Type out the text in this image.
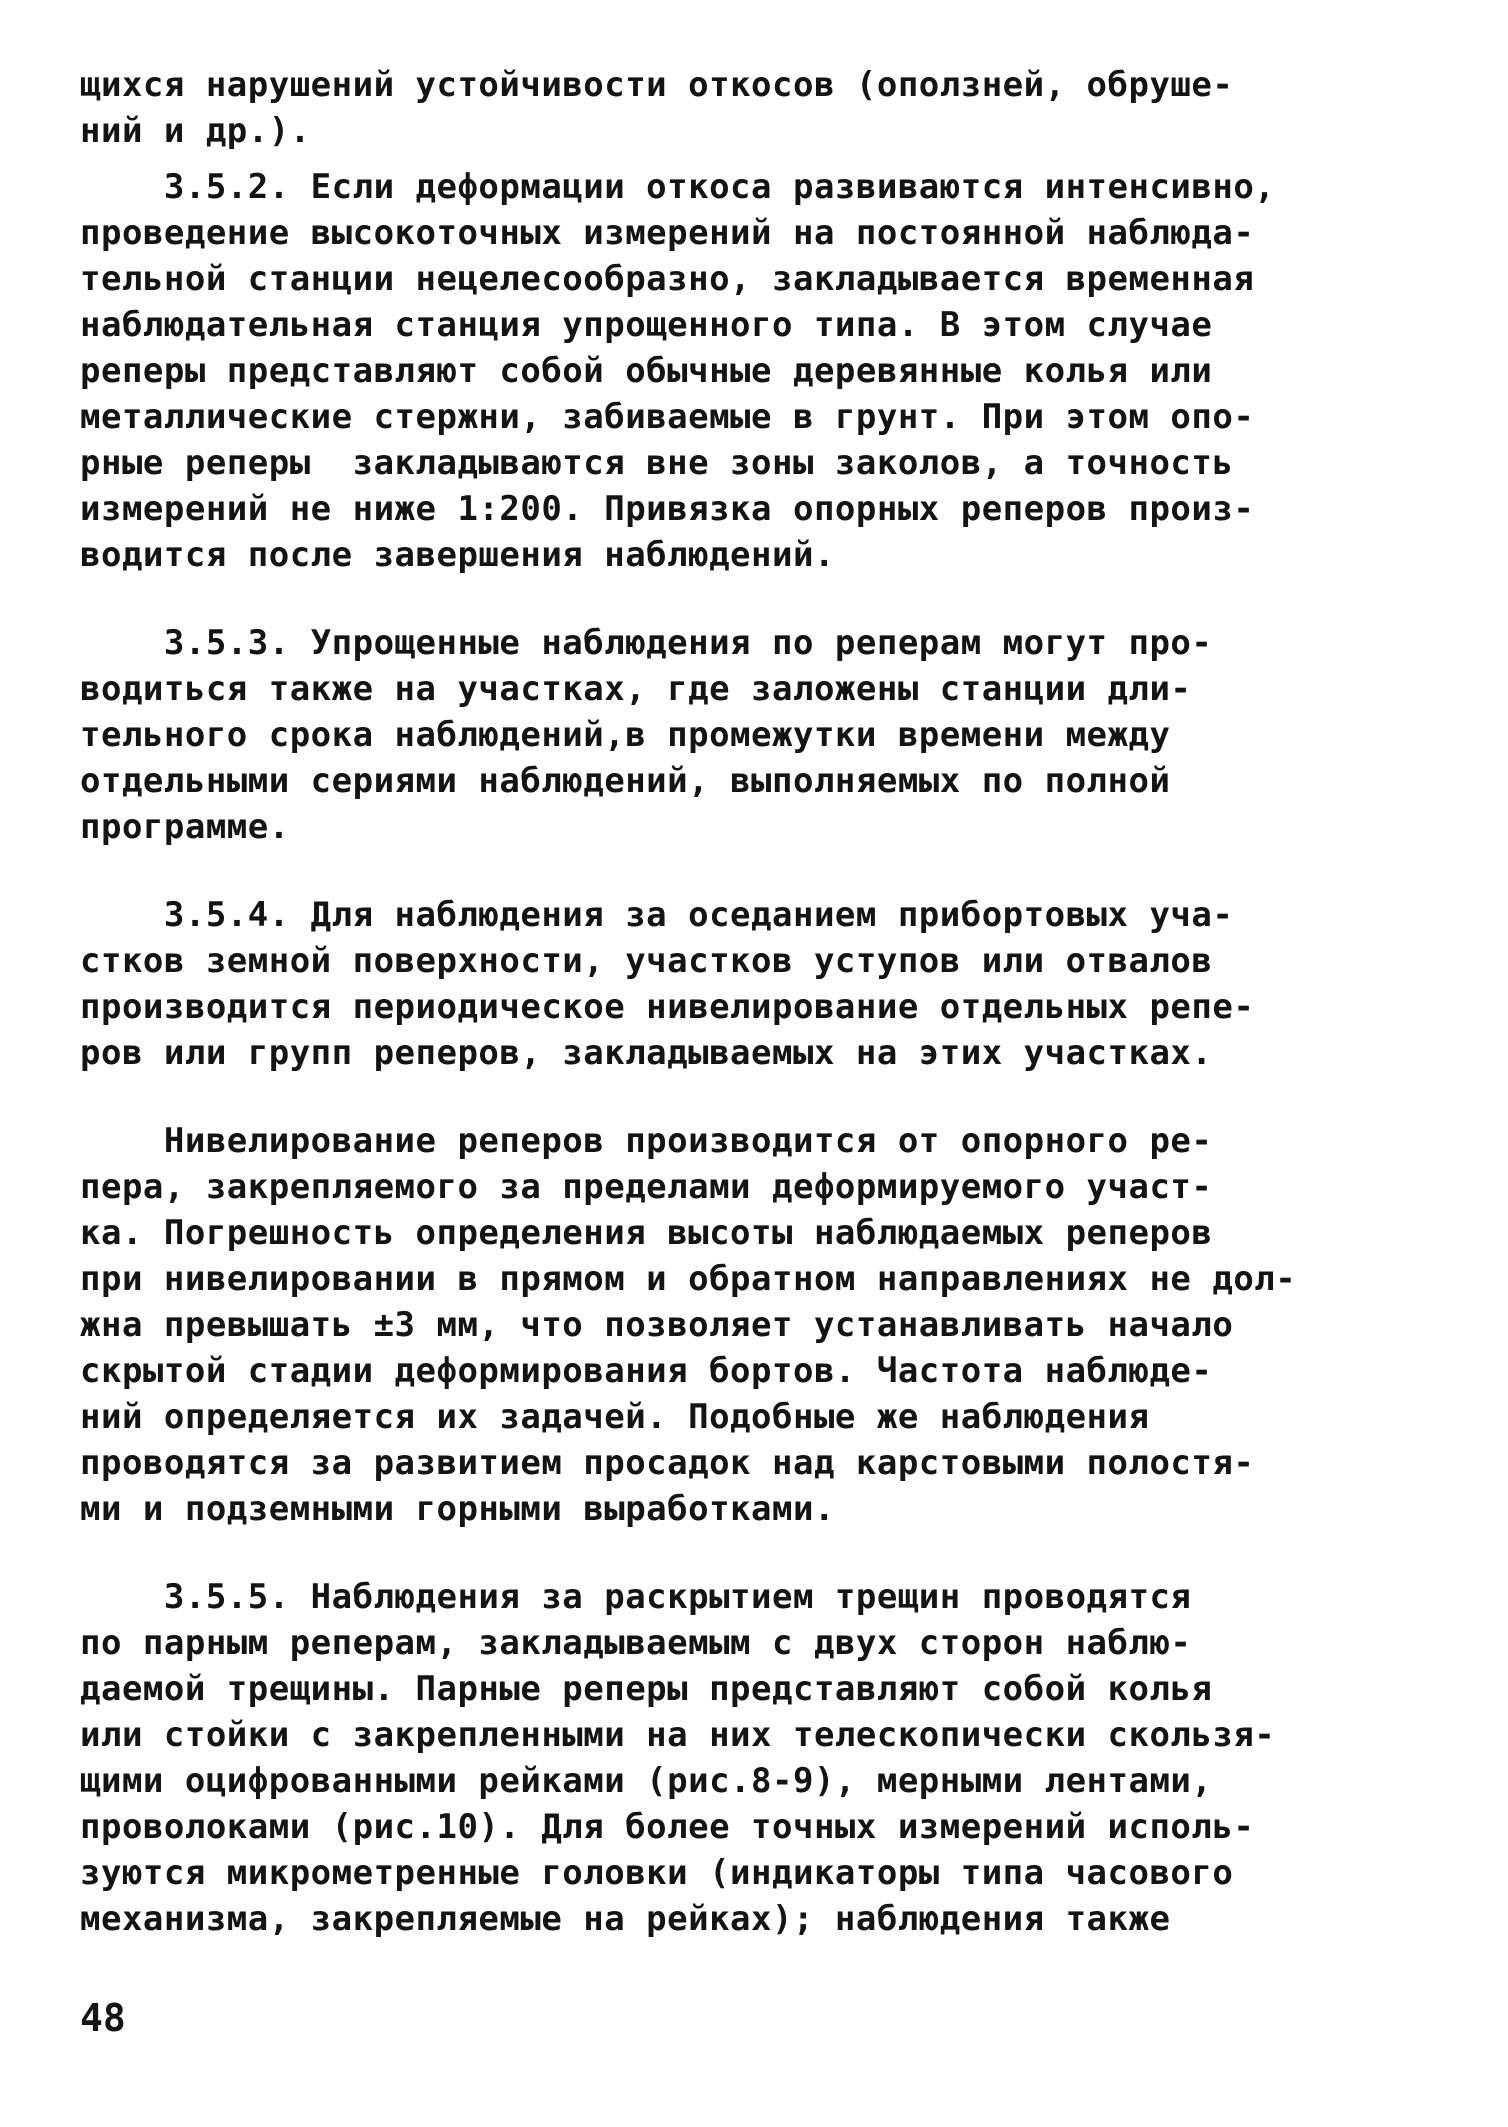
щихся нарушений устойчивости откосов (оползней, обруше-
ний и др.).
3.5.2. Если деформации откоса развиваются интенсивно,
проведение высокоточных измерений на постоянной наблюда-
тельной станции нецелесообразно, закладывается временная
наблюдательная станция упрощенного типа. В этом случае
реперы представляют собой обычные деревянные колья или
металлические стержни, забиваемые в грунт. При этом опо-
рные реперы  закладываются вне зоны заколов, а точность
измерений не ниже 1:200. Привязка опорных реперов произ-
водится после завершения наблюдений.
3.5.3. Упрощенные наблюдения по реперам могут про-
водиться также на участках, где заложены станции дли-
тельного срока наблюдений,в промежутки времени между
отдельными сериями наблюдений, выполняемых по полной
программе.
3.5.4. Для наблюдения за оседанием прибортовых уча-
стков земной поверхности, участков уступов или отвалов
производится периодическое нивелирование отдельных репе-
ров или групп реперов, закладываемых на этих участках.
Нивелирование реперов производится от опорного ре-
пера, закрепляемого за пределами деформируемого участ-
ка. Погрешность определения высоты наблюдаемых реперов
при нивелировании в прямом и обратном направлениях не дол-
жна превышать ±3 мм, что позволяет устанавливать начало
скрытой стадии деформирования бортов. Частота наблюде-
ний определяется их задачей. Подобные же наблюдения
проводятся за развитием просадок над карстовыми полостя-
ми и подземными горными выработками.
3.5.5. Наблюдения за раскрытием трещин проводятся
по парным реперам, закладываемым с двух сторон наблю-
даемой трещины. Парные реперы представляют собой колья
или стойки с закрепленными на них телескопически скользя-
щими оцифрованными рейками (рис.8-9), мерными лентами,
проволоками (рис.10). Для более точных измерений исполь-
зуются микрометренные головки (индикаторы типа часового
механизма, закрепляемые на рейках); наблюдения также
48
